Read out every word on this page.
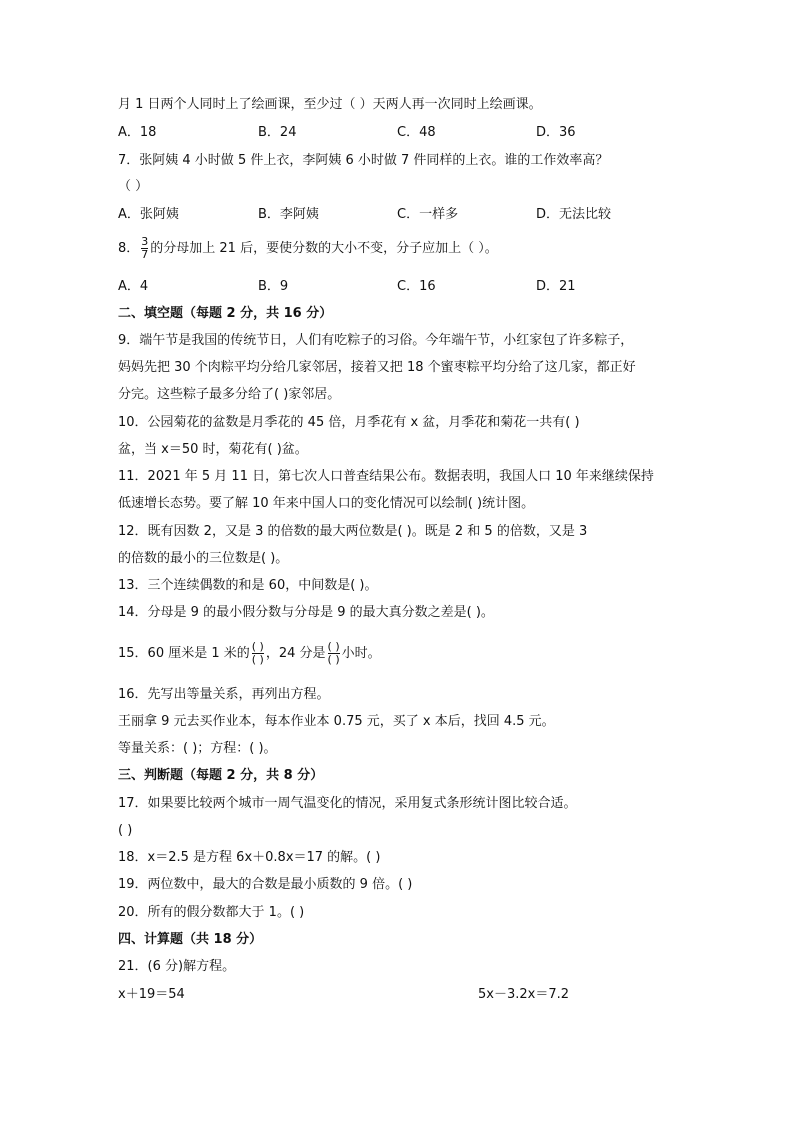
月 1 日两个人同时上了绘画课，至少过（ ）天两人再一次同时上绘画课。
A．18	B．24	C．48	D．36
7．张阿姨 4 小时做 5 件上衣，李阿姨 6 小时做 7 件同样的上衣。谁的工作效率高？
（ ）
A．张阿姨	B．李阿姨	C．一样多	D．无法比较
8． $\frac{3}{7}$ 的分母加上 21 后，要使分数的大小不变，分子应加上（ ）。
A．4	B．9	C．16	D．21
二、填空题（每题 2 分，共 16 分）
9．端午节是我国的传统节日，人们有吃粽子的习俗。今年端午节，小红家包了许多粽子，
妈妈先把 30 个肉粽平均分给几家邻居，接着又把 18 个蜜枣粽平均分给了这几家，都正好
分完。这些粽子最多分给了( )家邻居。
10．公园菊花的盆数是月季花的 45 倍，月季花有 x 盆，月季花和菊花一共有( )
盆，当 x＝50 时，菊花有( )盆。
11．2021 年 5 月 11 日，第七次人口普查结果公布。数据表明，我国人口 10 年来继续保持
低速增长态势。要了解 10 年来中国人口的变化情况可以绘制( )统计图。
12．既有因数 2，又是 3 的倍数的最大两位数是( )。既是 2 和 5 的倍数，又是 3
的倍数的最小的三位数是( )。
13．三个连续偶数的和是 60，中间数是( )。
14．分母是 9 的最小假分数与分母是 9 的最大真分数之差是( )。
15．60 厘米是 1 米的 $\frac{( )}{( )}$ ，24 分是 $\frac{( )}{( )}$ 小时。
16．先写出等量关系，再列出方程。
王丽拿 9 元去买作业本，每本作业本 0.75 元，买了 x 本后，找回 4.5 元。
等量关系：( )；方程：( )。
三、判断题（每题 2 分，共 8 分）
17．如果要比较两个城市一周气温变化的情况，采用复式条形统计图比较合适。
( )
18．x＝2.5 是方程 6x＋0.8x＝17 的解。( )
19．两位数中，最大的合数是最小质数的 9 倍。( )
20．所有的假分数都大于 1。( )
四、计算题（共 18 分）
21．(6 分)解方程。
x＋19＝54	5x－3.2x＝7.2
